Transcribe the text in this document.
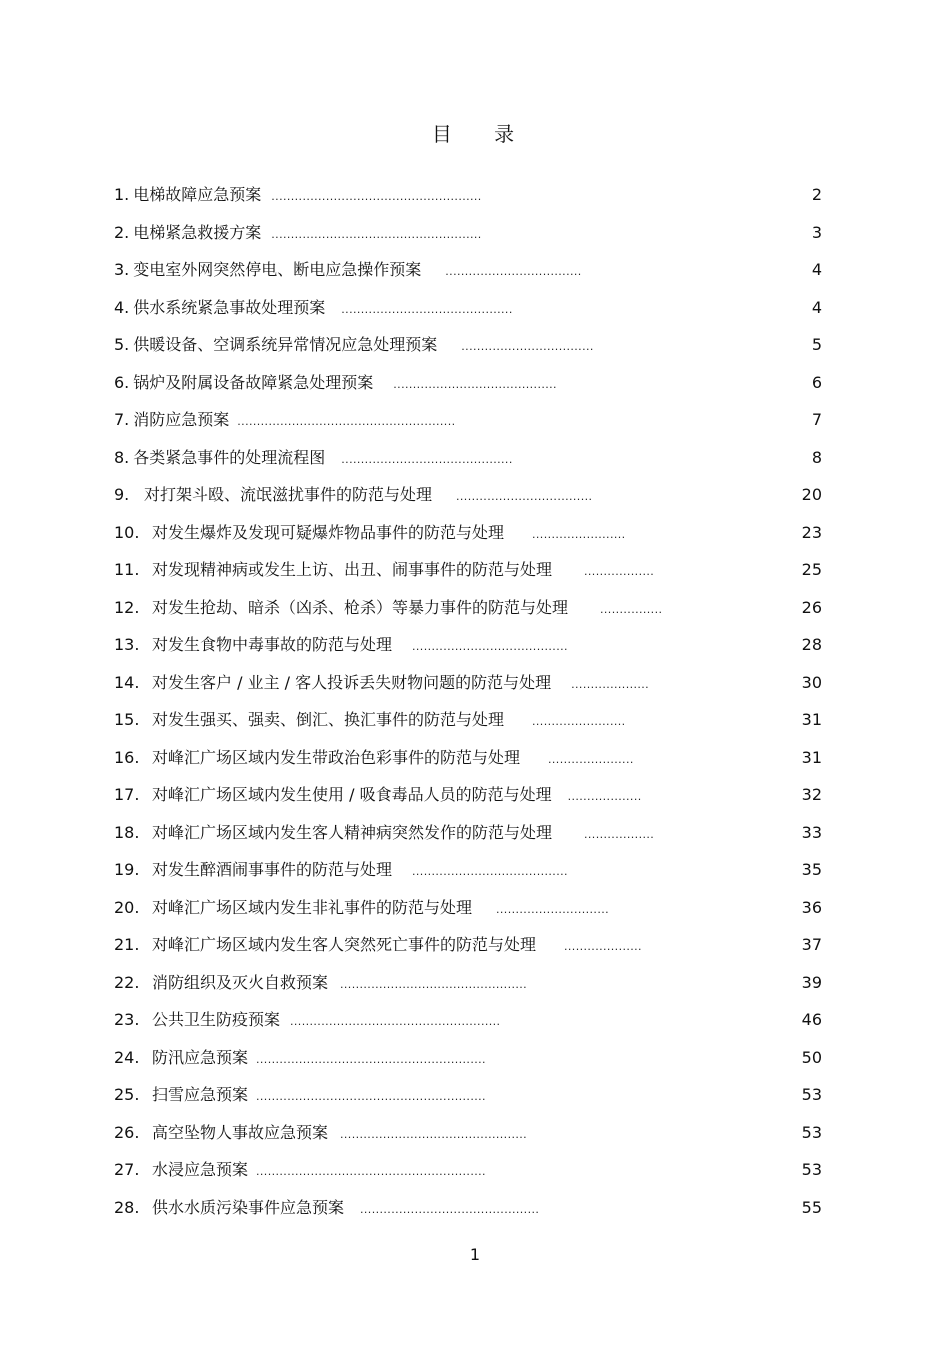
目 录
1. 电梯故障应急预案 ......................................................	2
2. 电梯紧急救援方案 ......................................................	3
3. 变电室外网突然停电、断电应急操作预案 ...................................	4
4. 供水系统紧急事故处理预案 ............................................	4
5. 供暖设备、空调系统异常情况应急处理预案 ..................................	5
6. 锅炉及附属设备故障紧急处理预案 ..........................................	6
7. 消防应急预案 ........................................................	7
8. 各类紧急事件的处理流程图 ............................................	8
9. 对打架斗殴、流氓滋扰事件的防范与处理 ...................................	20
10. 对发生爆炸及发现可疑爆炸物品事件的防范与处理	........................	23
11. 对发现精神病或发生上访、出丑、闹事事件的防范与处理	..................	25
12. 对发生抢劫、暗杀（凶杀、枪杀）等暴力事件的防范与处理	................	26
13. 对发生食物中毒事故的防范与处理 ........................................	28
14. 对发生客户 / 业主 / 客人投诉丢失财物问题的防范与处理 ....................	30
15. 对发生强买、强卖、倒汇、换汇事件的防范与处理	........................	31
16. 对峰汇广场区域内发生带政治色彩事件的防范与处理	......................	31
17. 对峰汇广场区域内发生使用 / 吸食毒品人员的防范与处理 ...................	32
18. 对峰汇广场区域内发生客人精神病突然发作的防范与处理	..................	33
19. 对发生醉酒闹事事件的防范与处理 ........................................	35
20. 对峰汇广场区域内发生非礼事件的防范与处理 .............................	36
21. 对峰汇广场区域内发生客人突然死亡事件的防范与处理	....................	37
22. 消防组织及灭火自救预案 ................................................	39
23. 公共卫生防疫预案 ......................................................	46
24. 防汛应急预案 ...........................................................	50
25. 扫雪应急预案 ...........................................................	53
26. 高空坠物人事故应急预案 ................................................	53
27. 水浸应急预案 ...........................................................	53
28. 供水水质污染事件应急预案 ..............................................	55
1
